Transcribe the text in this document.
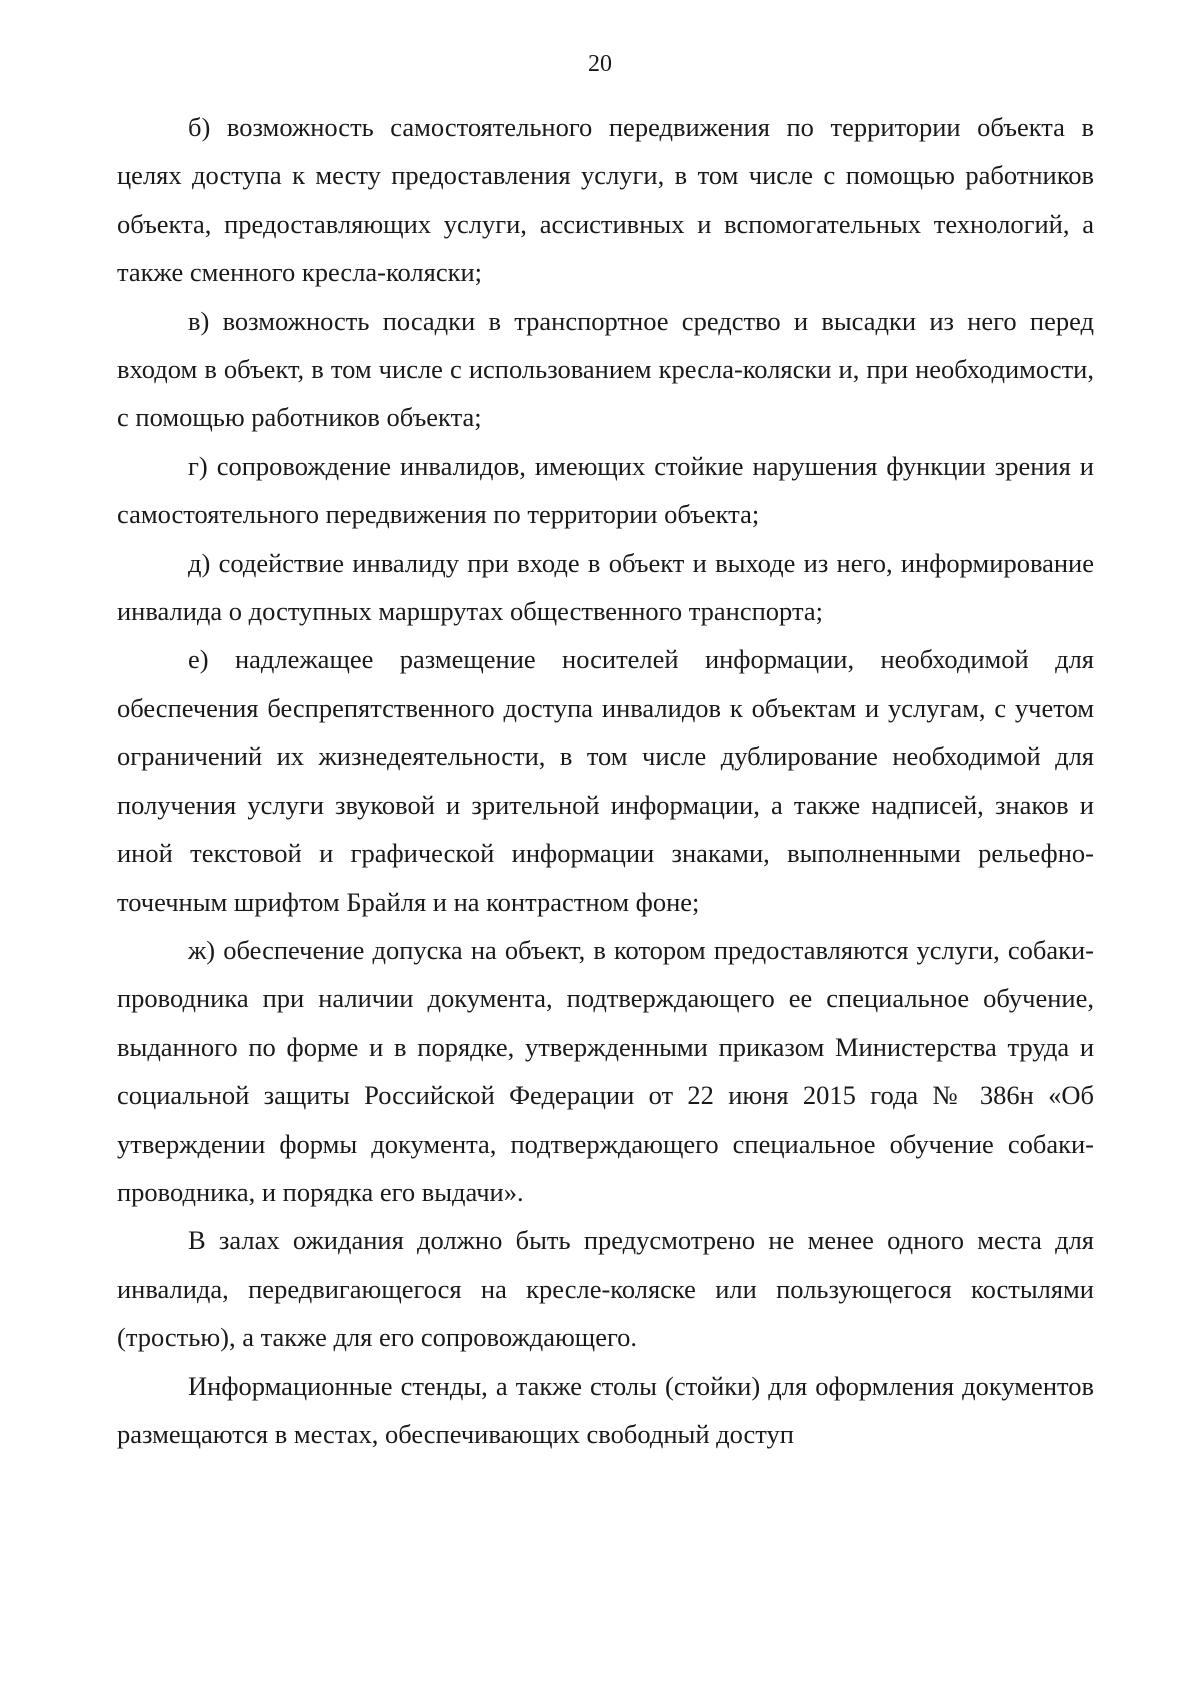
20

б) возможность самостоятельного передвижения по территории объекта в целях доступа к месту предоставления услуги, в том числе с помощью работников объекта, предоставляющих услуги, ассистивных и вспомогательных технологий, а также сменного кресла-коляски;

в) возможность посадки в транспортное средство и высадки из него перед входом в объект, в том числе с использованием кресла-коляски и, при необходимости, с помощью работников объекта;

г) сопровождение инвалидов, имеющих стойкие нарушения функции зрения и самостоятельного передвижения по территории объекта;

д) содействие инвалиду при входе в объект и выходе из него, информирование инвалида о доступных маршрутах общественного транспорта;

е) надлежащее размещение носителей информации, необходимой для обеспечения беспрепятственного доступа инвалидов к объектам и услугам, с учетом ограничений их жизнедеятельности, в том числе дублирование необходимой для получения услуги звуковой и зрительной информации, а также надписей, знаков и иной текстовой и графической информации знаками, выполненными рельефно-точечным шрифтом Брайля и на контрастном фоне;

ж) обеспечение допуска на объект, в котором предоставляются услуги, собаки-проводника при наличии документа, подтверждающего ее специальное обучение, выданного по форме и в порядке, утвержденными приказом Министерства труда и социальной защиты Российской Федерации от 22 июня 2015 года № 386н «Об утверждении формы документа, подтверждающего специальное обучение собаки-проводника, и порядка его выдачи».

В залах ожидания должно быть предусмотрено не менее одного места для инвалида, передвигающегося на кресле-коляске или пользующегося костылями (тростью), а также для его сопровождающего.

Информационные стенды, а также столы (стойки) для оформления документов размещаются в местах, обеспечивающих свободный доступ
